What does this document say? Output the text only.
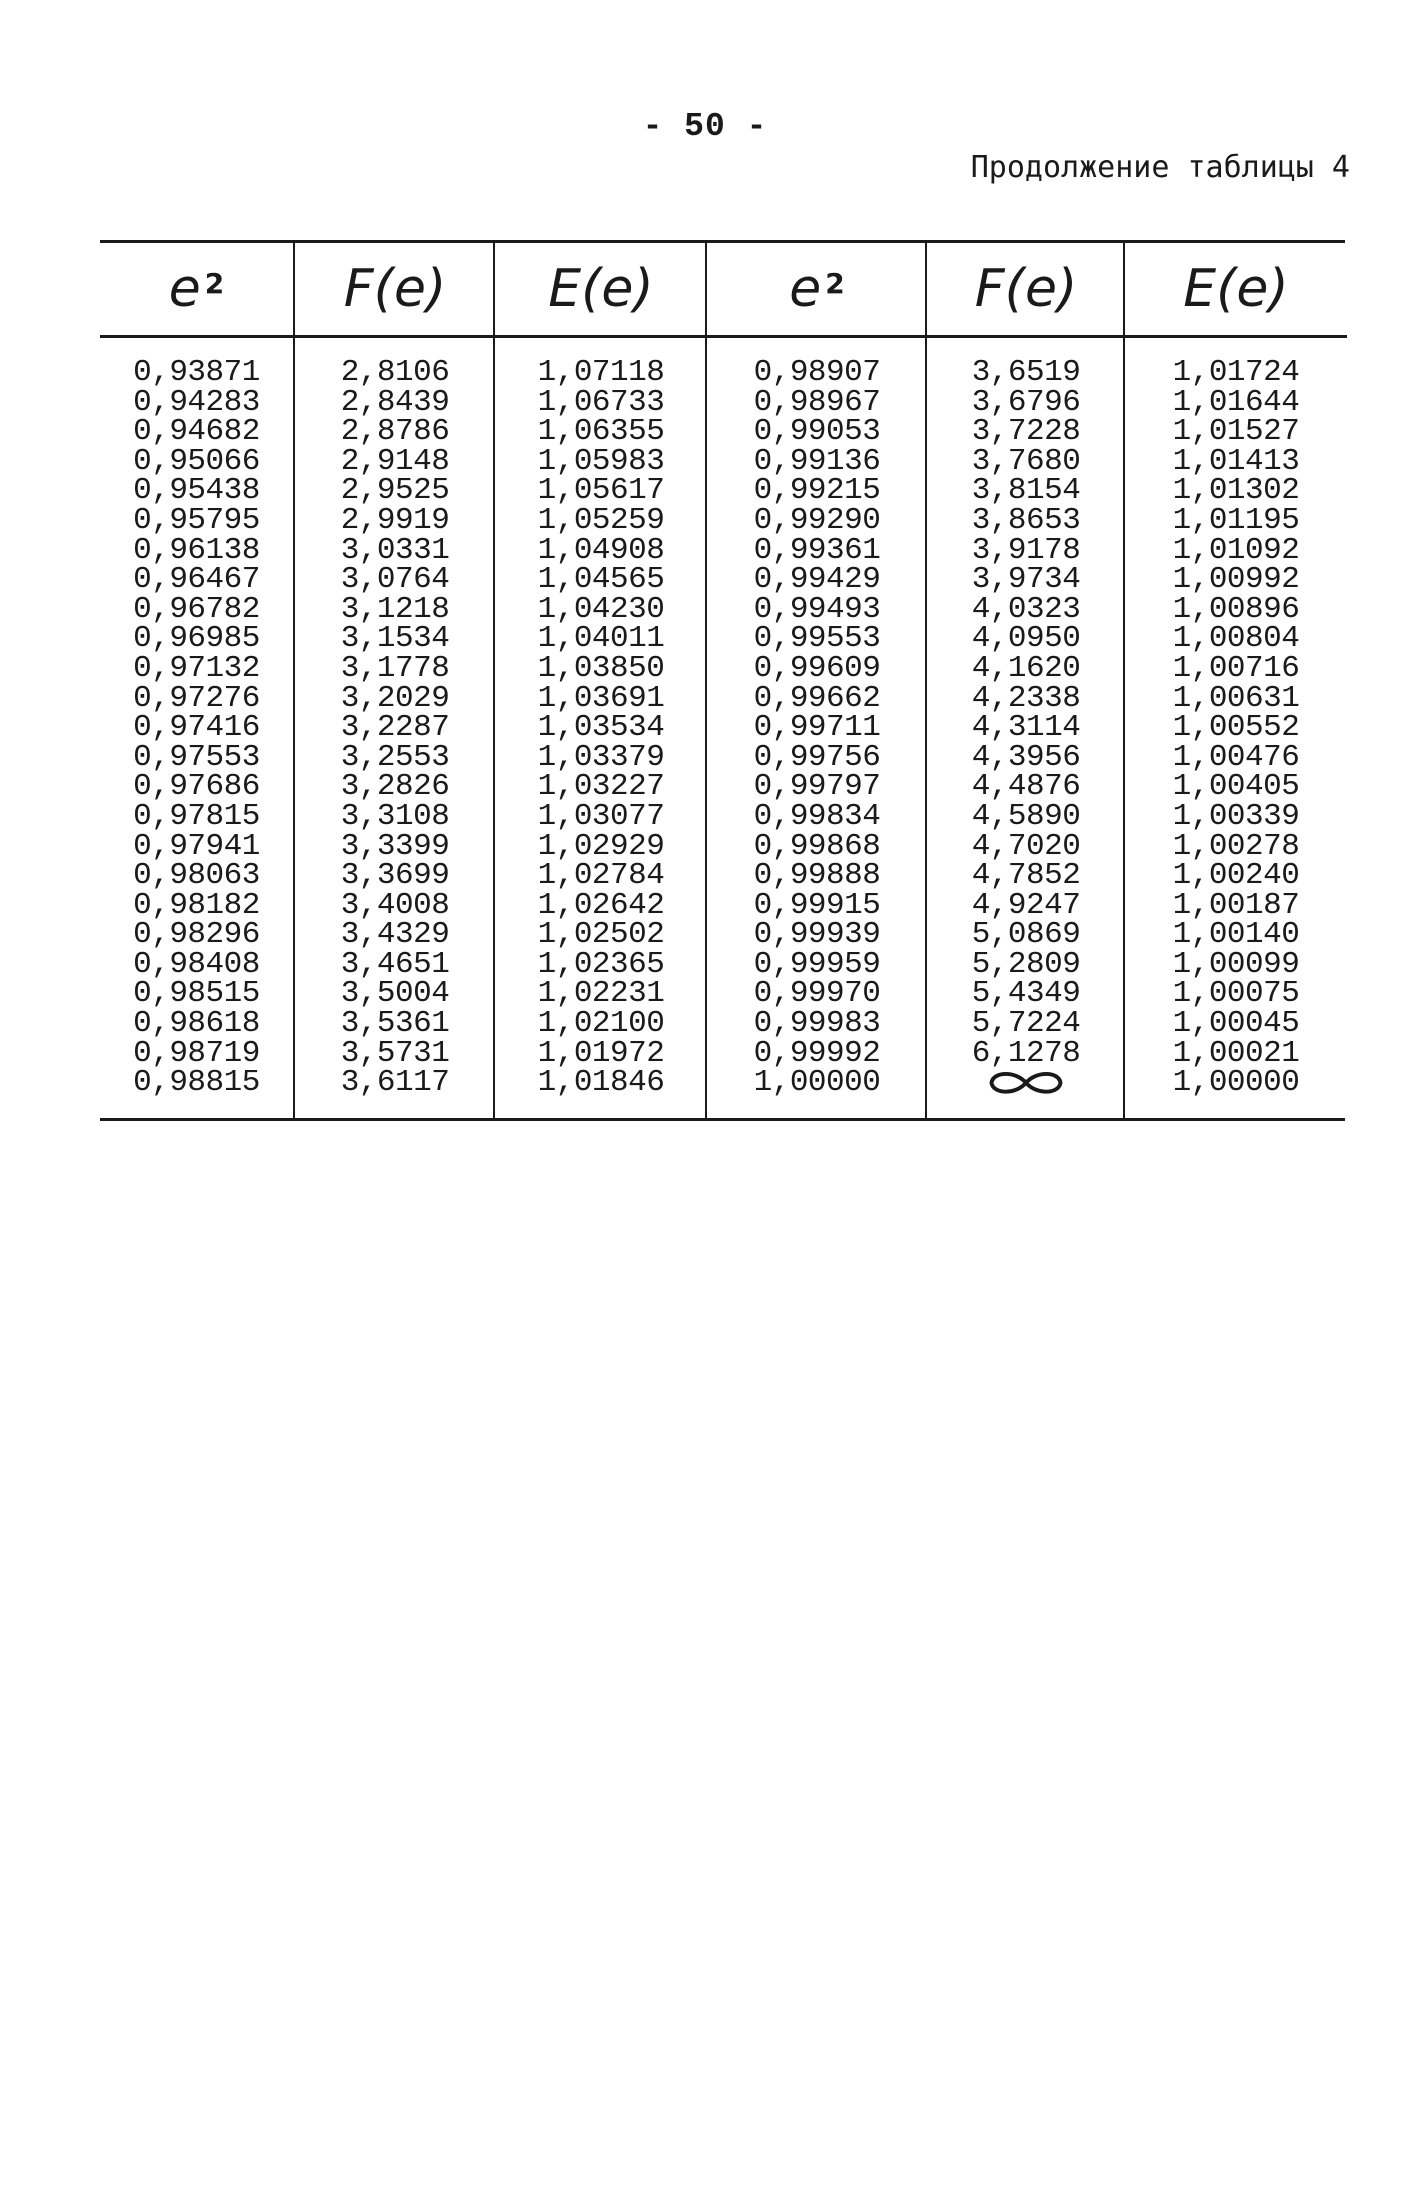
- 50 -
Продолжение таблицы 4
$e^2$
0,93871
0,94283
0,94682
0,95066
0,95438
0,95795
0,96138
0,96467
0,96782
0,96985
0,97132
0,97276
0,97416
0,97553
0,97686
0,97815
0,97941
0,98063
0,98182
0,98296
0,98408
0,98515
0,98618
0,98719
0,98815
F(e)
2,8106
2,8439
2,8786
2,9148
2,9525
2,9919
3,0331
3,0764
3,1218
3,1534
3,1778
3,2029
3,2287
3,2553
3,2826
3,3108
3,3399
3,3699
3,4008
3,4329
3,4651
3,5004
3,5361
3,5731
3,6117
E(e)
1,07118
1,06733
1,06355
1,05983
1,05617
1,05259
1,04908
1,04565
1,04230
1,04011
1,03850
1,03691
1,03534
1,03379
1,03227
1,03077
1,02929
1,02784
1,02642
1,02502
1,02365
1,02231
1,02100
1,01972
1,01846
$e^2$
0,98907
0,98967
0,99053
0,99136
0,99215
0,99290
0,99361
0,99429
0,99493
0,99553
0,99609
0,99662
0,99711
0,99756
0,99797
0,99834
0,99868
0,99888
0,99915
0,99939
0,99959
0,99970
0,99983
0,99992
1,00000
F(e)
3,6519
3,6796
3,7228
3,7680
3,8154
3,8653
3,9178
3,9734
4,0323
4,0950
4,1620
4,2338
4,3114
4,3956
4,4876
4,5890
4,7020
4,7852
4,9247
5,0869
5,2809
5,4349
5,7224
6,1278
E(e)
1,01724
1,01644
1,01527
1,01413
1,01302
1,01195
1,01092
1,00992
1,00896
1,00804
1,00716
1,00631
1,00552
1,00476
1,00405
1,00339
1,00278
1,00240
1,00187
1,00140
1,00099
1,00075
1,00045
1,00021
1,00000
